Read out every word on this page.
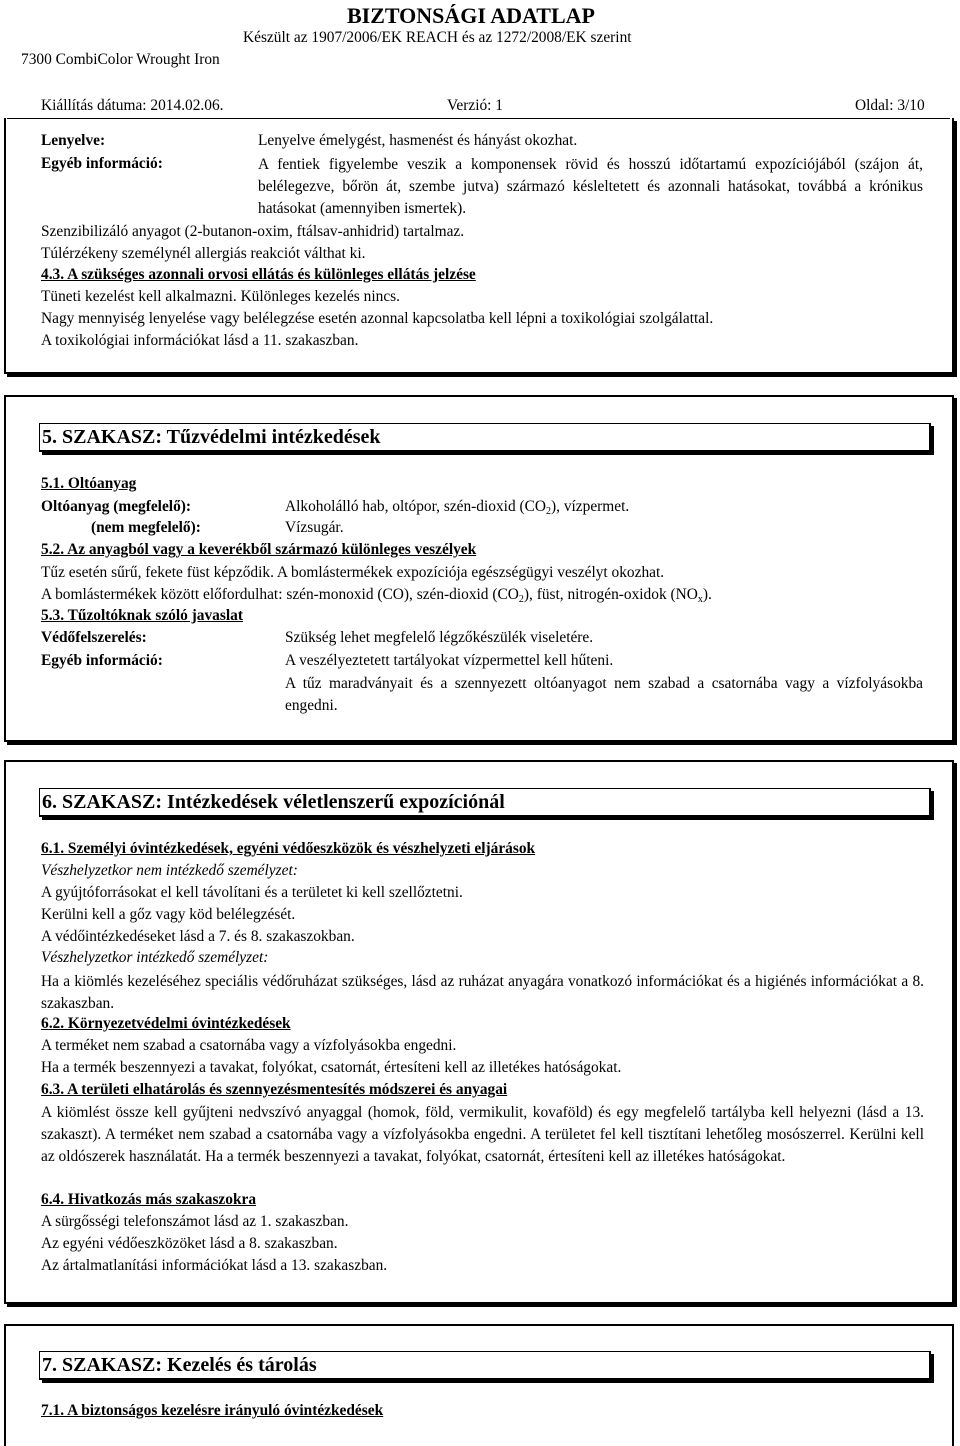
BIZTONSÁGI ADATLAP
Készült az 1907/2006/EK REACH és az 1272/2008/EK szerint
7300 CombiColor Wrought Iron
Kiállítás dátuma: 2014.02.06.	Verzió: 1	Oldal: 3/10
Lenyelve:	Lenyelve émelygést, hasmenést és hányást okozhat.
Egyéb információ:	A fentiek figyelembe veszik a komponensek rövid és hosszú időtartamú expozíciójából (szájon át, belélegezve, bőrön át, szembe jutva) származó késleltetett és azonnali hatásokat, továbbá a krónikus hatásokat (amennyiben ismertek).
Szenzibilizáló anyagot (2-butanon-oxim, ftálsav-anhidrid) tartalmaz.
Túlérzékeny személynél allergiás reakciót válthat ki.
4.3. A szükséges azonnali orvosi ellátás és különleges ellátás jelzése
Tüneti kezelést kell alkalmazni. Különleges kezelés nincs.
Nagy mennyiség lenyelése vagy belélegzése esetén azonnal kapcsolatba kell lépni a toxikológiai szolgálattal.
A toxikológiai információkat lásd a 11. szakaszban.
5. SZAKASZ: Tűzvédelmi intézkedések
5.1. Oltóanyag
Oltóanyag (megfelelő):	Alkoholálló hab, oltópor, szén-dioxid $(CO_2)$, vízpermet.
(nem megfelelő):	Vízsugár.
5.2. Az anyagból vagy a keverékből származó különleges veszélyek
Tűz esetén sűrű, fekete füst képződik. A bomlástermékek expozíciója egészségügyi veszélyt okozhat.
A bomlástermékek között előfordulhat: szén-monoxid (CO), szén-dioxid $(CO_2)$, füst, nitrogén-oxidok $(NO_x)$.
5.3. Tűzoltóknak szóló javaslat
Védőfelszerelés:	Szükség lehet megfelelő légzőkészülék viseletére.
Egyéb információ:	A veszélyeztetett tartályokat vízpermettel kell hűteni.
A tűz maradványait és a szennyezett oltóanyagot nem szabad a csatornába vagy a vízfolyásokba engedni.
6. SZAKASZ: Intézkedések véletlenszerű expozíciónál
6.1. Személyi óvintézkedések, egyéni védőeszközök és vészhelyzeti eljárások
Vészhelyzetkor nem intézkedő személyzet:
A gyújtóforrásokat el kell távolítani és a területet ki kell szellőztetni.
Kerülni kell a gőz vagy köd belélegzését.
A védőintézkedéseket lásd a 7. és 8. szakaszokban.
Vészhelyzetkor intézkedő személyzet:
Ha a kiömlés kezeléséhez speciális védőruházat szükséges, lásd az ruházat anyagára vonatkozó információkat és a higiénés információkat a 8. szakaszban.
6.2. Környezetvédelmi óvintézkedések
A terméket nem szabad a csatornába vagy a vízfolyásokba engedni.
Ha a termék beszennyezi a tavakat, folyókat, csatornát, értesíteni kell az illetékes hatóságokat.
6.3. A területi elhatárolás és szennyezésmentesítés módszerei és anyagai
A kiömlést össze kell gyűjteni nedvszívó anyaggal (homok, föld, vermikulit, kovaföld) és egy megfelelő tartályba kell helyezni (lásd a 13. szakaszt). A terméket nem szabad a csatornába vagy a vízfolyásokba engedni. A területet fel kell tisztítani lehetőleg mosószerrel. Kerülni kell az oldószerek használatát. Ha a termék beszennyezi a tavakat, folyókat, csatornát, értesíteni kell az illetékes hatóságokat.
6.4. Hivatkozás más szakaszokra
A sürgősségi telefonszámot lásd az 1. szakaszban.
Az egyéni védőeszközöket lásd a 8. szakaszban.
Az ártalmatlanítási információkat lásd a 13. szakaszban.
7. SZAKASZ: Kezelés és tárolás
7.1. A biztonságos kezelésre irányuló óvintézkedések
